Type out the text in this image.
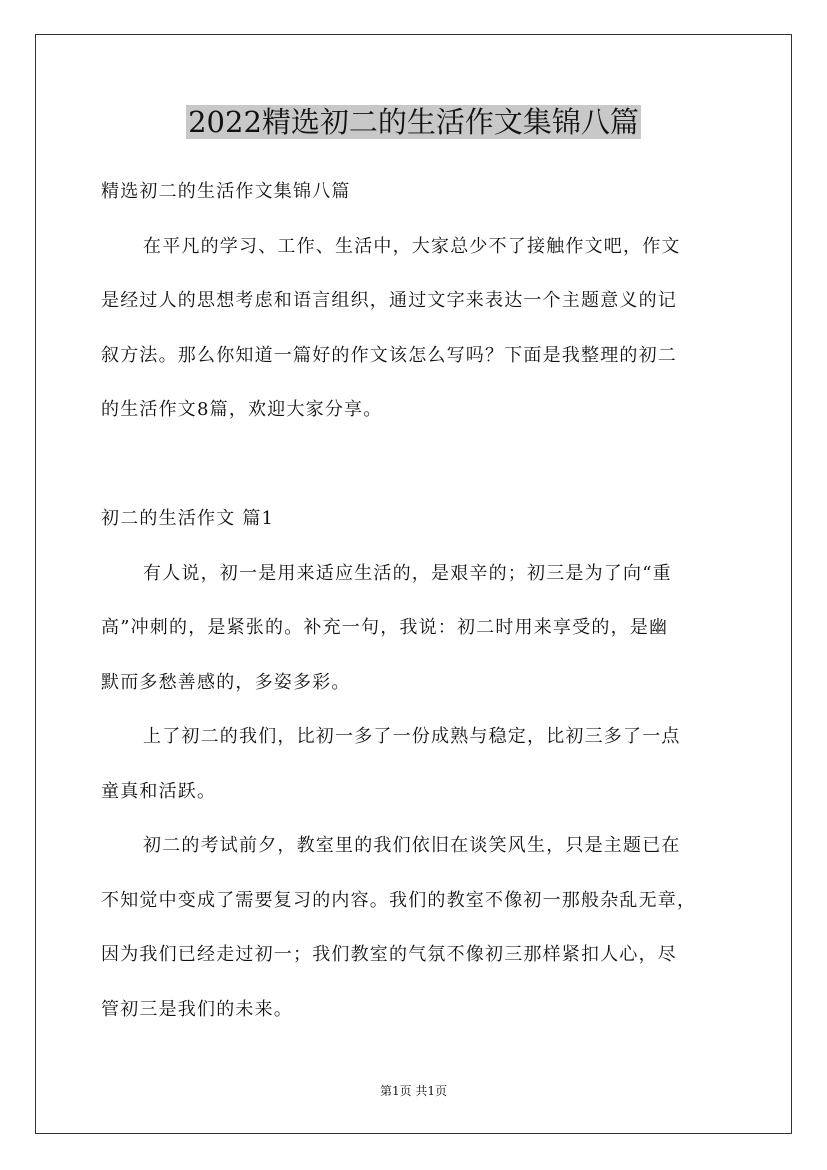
2022精选初二的生活作文集锦八篇
精选初二的生活作文集锦八篇
在平凡的学习、工作、生活中，大家总少不了接触作文吧，作文
是经过人的思想考虑和语言组织，通过文字来表达一个主题意义的记
叙方法。那么你知道一篇好的作文该怎么写吗？下面是我整理的初二
的生活作文8篇，欢迎大家分享。
初二的生活作文 篇1
有人说，初一是用来适应生活的，是艰辛的；初三是为了向“重
高”冲刺的，是紧张的。补充一句，我说：初二时用来享受的，是幽
默而多愁善感的，多姿多彩。
上了初二的我们，比初一多了一份成熟与稳定，比初三多了一点
童真和活跃。
初二的考试前夕，教室里的我们依旧在谈笑风生，只是主题已在
不知觉中变成了需要复习的内容。我们的教室不像初一那般杂乱无章，
因为我们已经走过初一；我们教室的气氛不像初三那样紧扣人心，尽
管初三是我们的未来。
第1页 共1页
